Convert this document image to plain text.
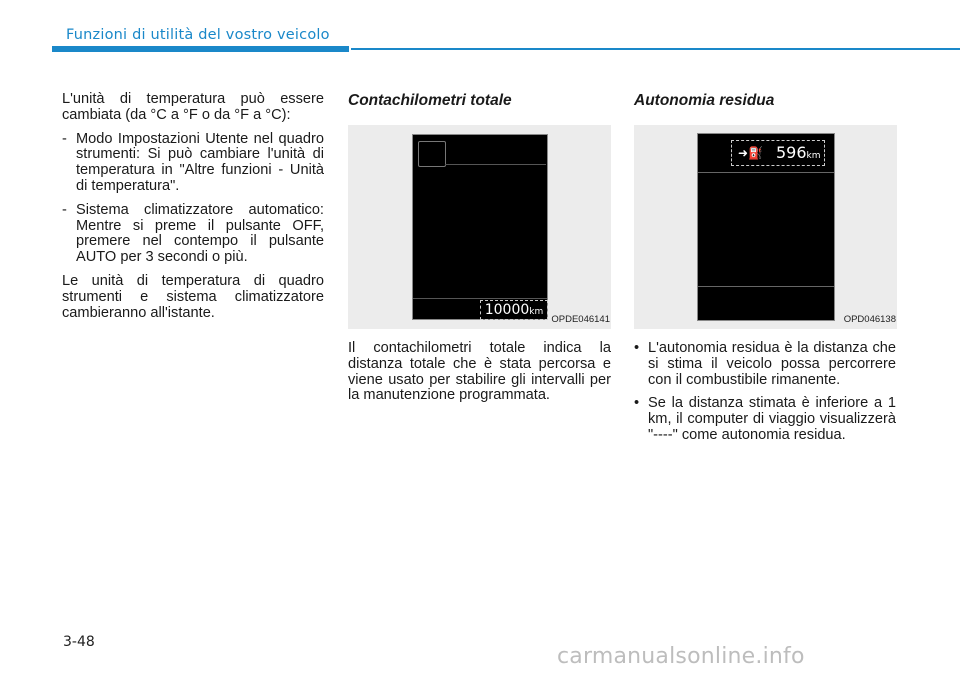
Funzioni di utilità del vostro veicolo

L'unità di temperatura può essere cambiata (da °C a °F o da °F a °C):

- Modo Impostazioni Utente nel quadro strumenti: Si può cambiare l'unità di temperatura in "Altre funzioni - Unità di temperatura".
- Sistema climatizzatore automatico: Mentre si preme il pulsante OFF, premere nel contempo il pulsante AUTO per 3 secondi o più.

Le unità di temperatura di quadro strumenti e sistema climatizzatore cambieranno all'istante.

Contachilometri totale
10000km
OPDE046141

Il contachilometri totale indica la distanza totale che è stata percorsa e viene usato per stabilire gli intervalli per la manutenzione programmata.

Autonomia residua
➜⛽ 596km
OPD046138
• L'autonomia residua è la distanza che si stima il veicolo possa percorrere con il combustibile rimanente.
• Se la distanza stimata è inferiore a 1 km, il computer di viaggio visualizzerà "----" come autonomia residua.
3-48
carmanualsonline.info
